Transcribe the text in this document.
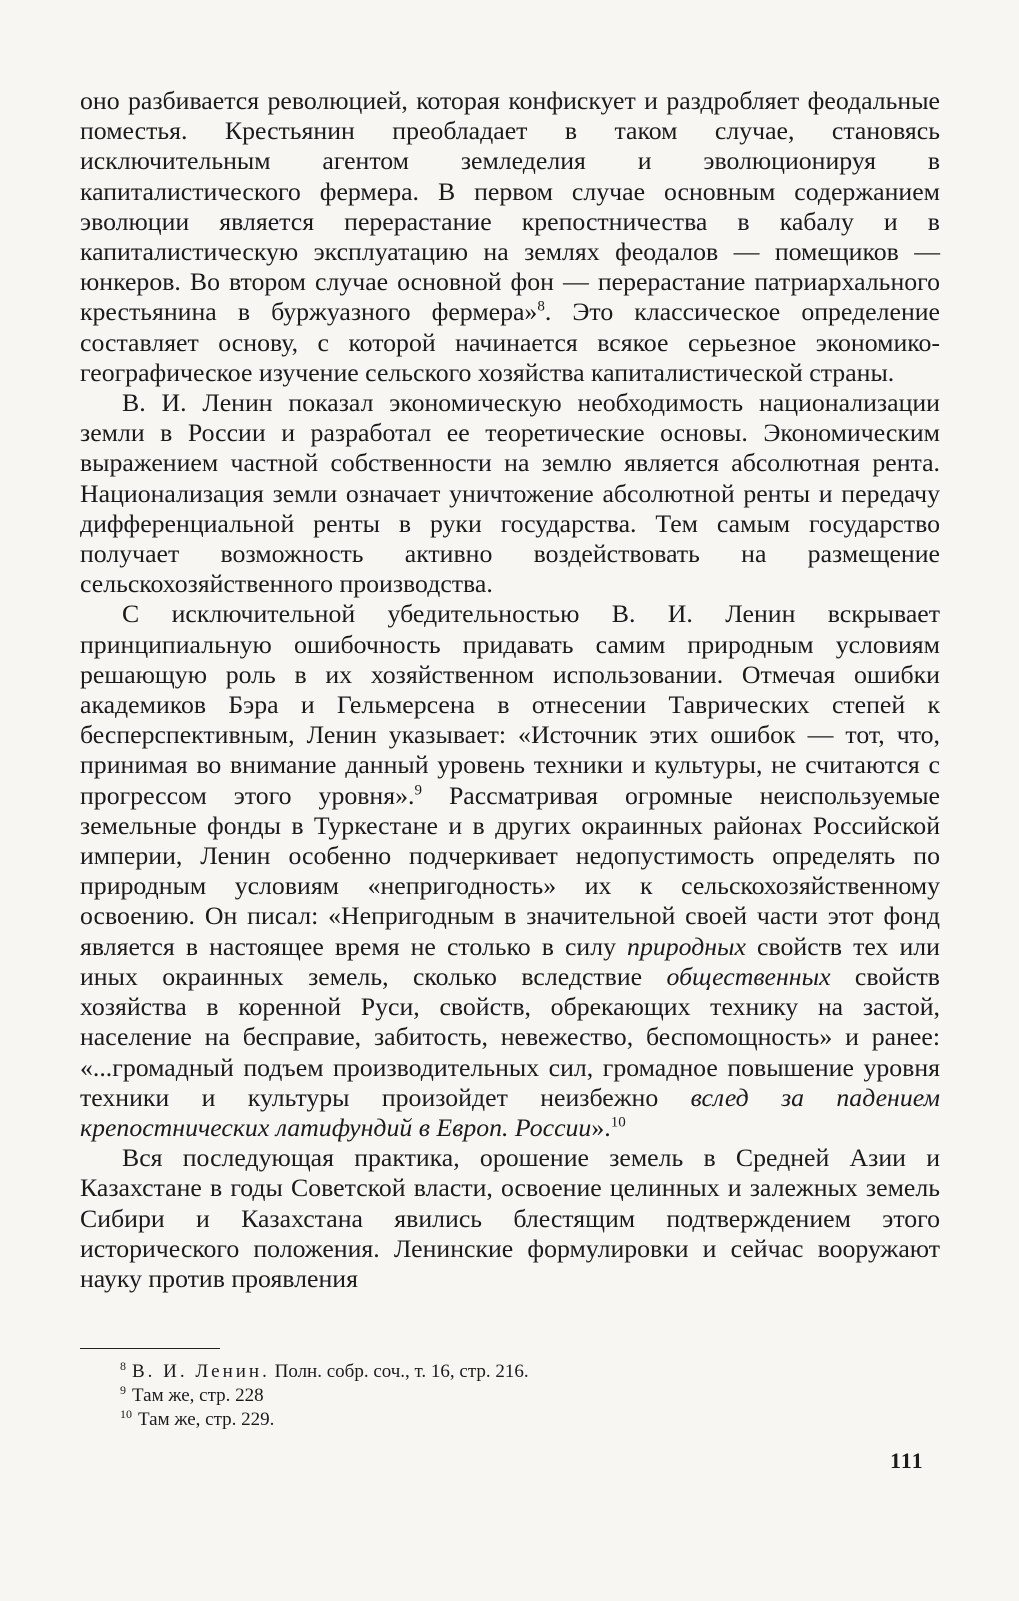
оно разбивается революцией, которая конфискует и раздробляет феодальные поместья. Крестьянин преобладает в таком случае, становясь исключительным агентом земледелия и эволюционируя в капиталистического фермера. В первом случае основным содержанием эволюции является перерастание крепостничества в кабалу и в капиталистическую эксплуатацию на землях феодалов — помещиков — юнкеров. Во втором случае основной фон — перерастание патриархального крестьянина в буржуазного фермера»$^8$. Это классическое определение составляет основу, с которой начинается всякое серьезное экономико-географическое изучение сельского хозяйства капиталистической страны.

В. И. Ленин показал экономическую необходимость национализации земли в России и разработал ее теоретические основы. Экономическим выражением частной собственности на землю является абсолютная рента. Национализация земли означает уничтожение абсолютной ренты и передачу дифференциальной ренты в руки государства. Тем самым государство получает возможность активно воздействовать на размещение сельскохозяйственного производства.

С исключительной убедительностью В. И. Ленин вскрывает принципиальную ошибочность придавать самим природным условиям решающую роль в их хозяйственном использовании. Отмечая ошибки академиков Бэра и Гельмерсена в отнесении Таврических степей к бесперспективным, Ленин указывает: «Источник этих ошибок — тот, что, принимая во внимание данный уровень техники и культуры, не считаются с прогрессом этого уровня».$^9$ Рассматривая огромные неиспользуемые земельные фонды в Туркестане и в других окраинных районах Российской империи, Ленин особенно подчеркивает недопустимость определять по природным условиям «непригодность» их к сельскохозяйственному освоению. Он писал: «Непригодным в значительной своей части этот фонд является в настоящее время не столько в силу природных свойств тех или иных окраинных земель, сколько вследствие общественных свойств хозяйства в коренной Руси, свойств, обрекающих технику на застой, население на бесправие, забитость, невежество, беспомощность» и ранее: «...громадный подъем производительных сил, громадное повышение уровня техники и культуры произойдет неизбежно вслед за падением крепостнических латифундий в Европ. России».$^{10}$

Вся последующая практика, орошение земель в Средней Азии и Казахстане в годы Советской власти, освоение целинных и залежных земель Сибири и Казахстана явились блестящим подтверждением этого исторического положения. Ленинские формулировки и сейчас вооружают науку против проявления

$^8$ В. И. Ленин. Полн. собр. соч., т. 16, стр. 216.
$^9$ Там же, стр. 228
$^{10}$ Там же, стр. 229.
111
